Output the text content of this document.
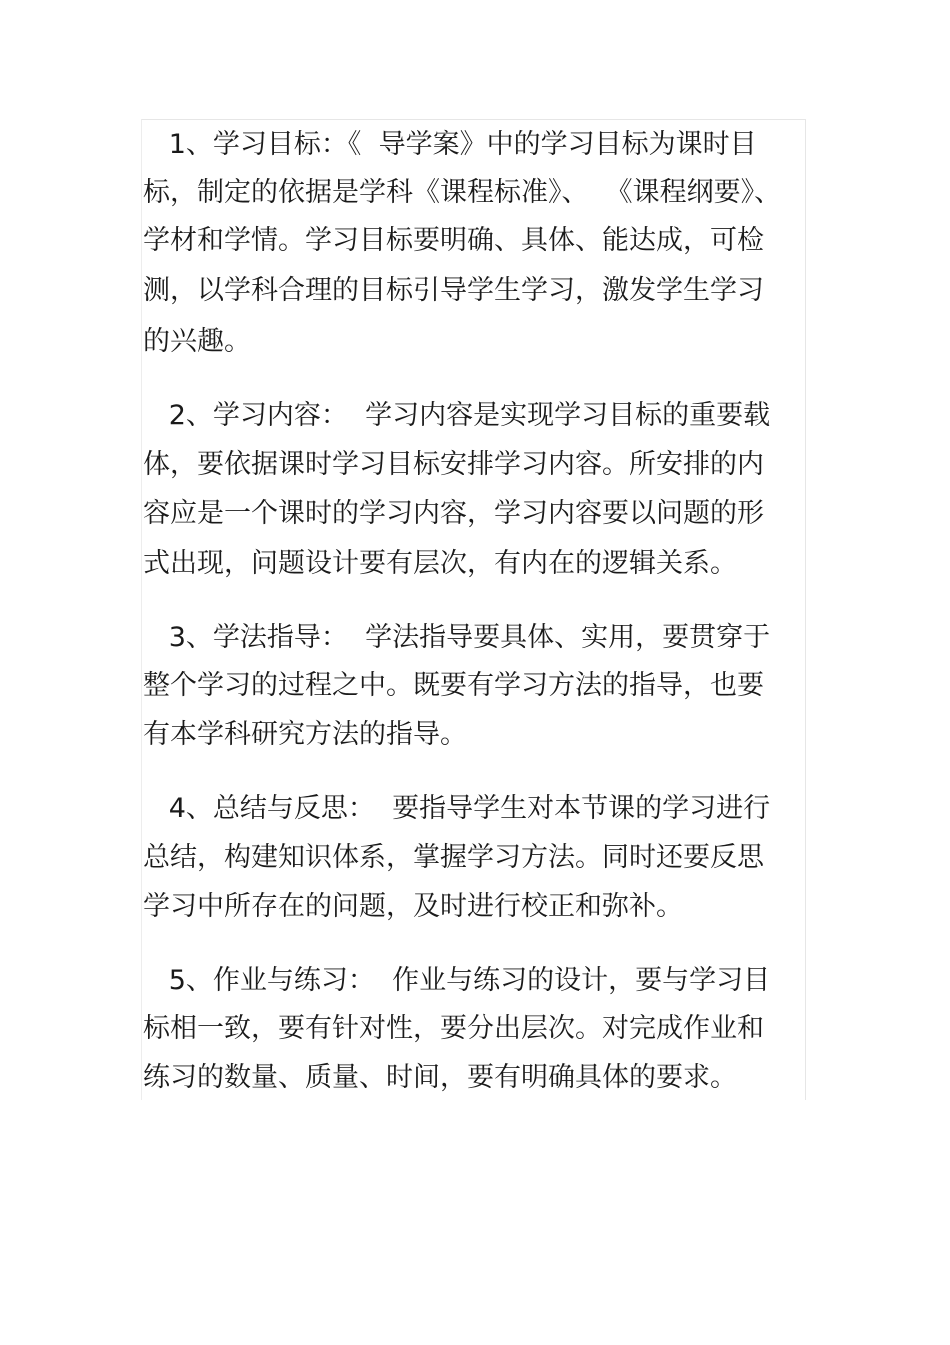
1、学习目标：《  导学案》中的学习目标为课时目
标，制定的依据是学科《课程标准》、  《课程纲要》、
学材和学情。学习目标要明确、具体、能达成，可检
测，以学科合理的目标引导学生学习，激发学生学习
的兴趣。
2、学习内容：  学习内容是实现学习目标的重要载
体，要依据课时学习目标安排学习内容。所安排的内
容应是一个课时的学习内容，学习内容要以问题的形
式出现，问题设计要有层次，有内在的逻辑关系。
3、学法指导：  学法指导要具体、实用，要贯穿于
整个学习的过程之中。既要有学习方法的指导，也要
有本学科研究方法的指导。
4、总结与反思：  要指导学生对本节课的学习进行
总结，构建知识体系，掌握学习方法。同时还要反思
学习中所存在的问题，及时进行校正和弥补。
5、作业与练习：  作业与练习的设计，要与学习目
标相一致，要有针对性，要分出层次。对完成作业和
练习的数量、质量、时间，要有明确具体的要求。
